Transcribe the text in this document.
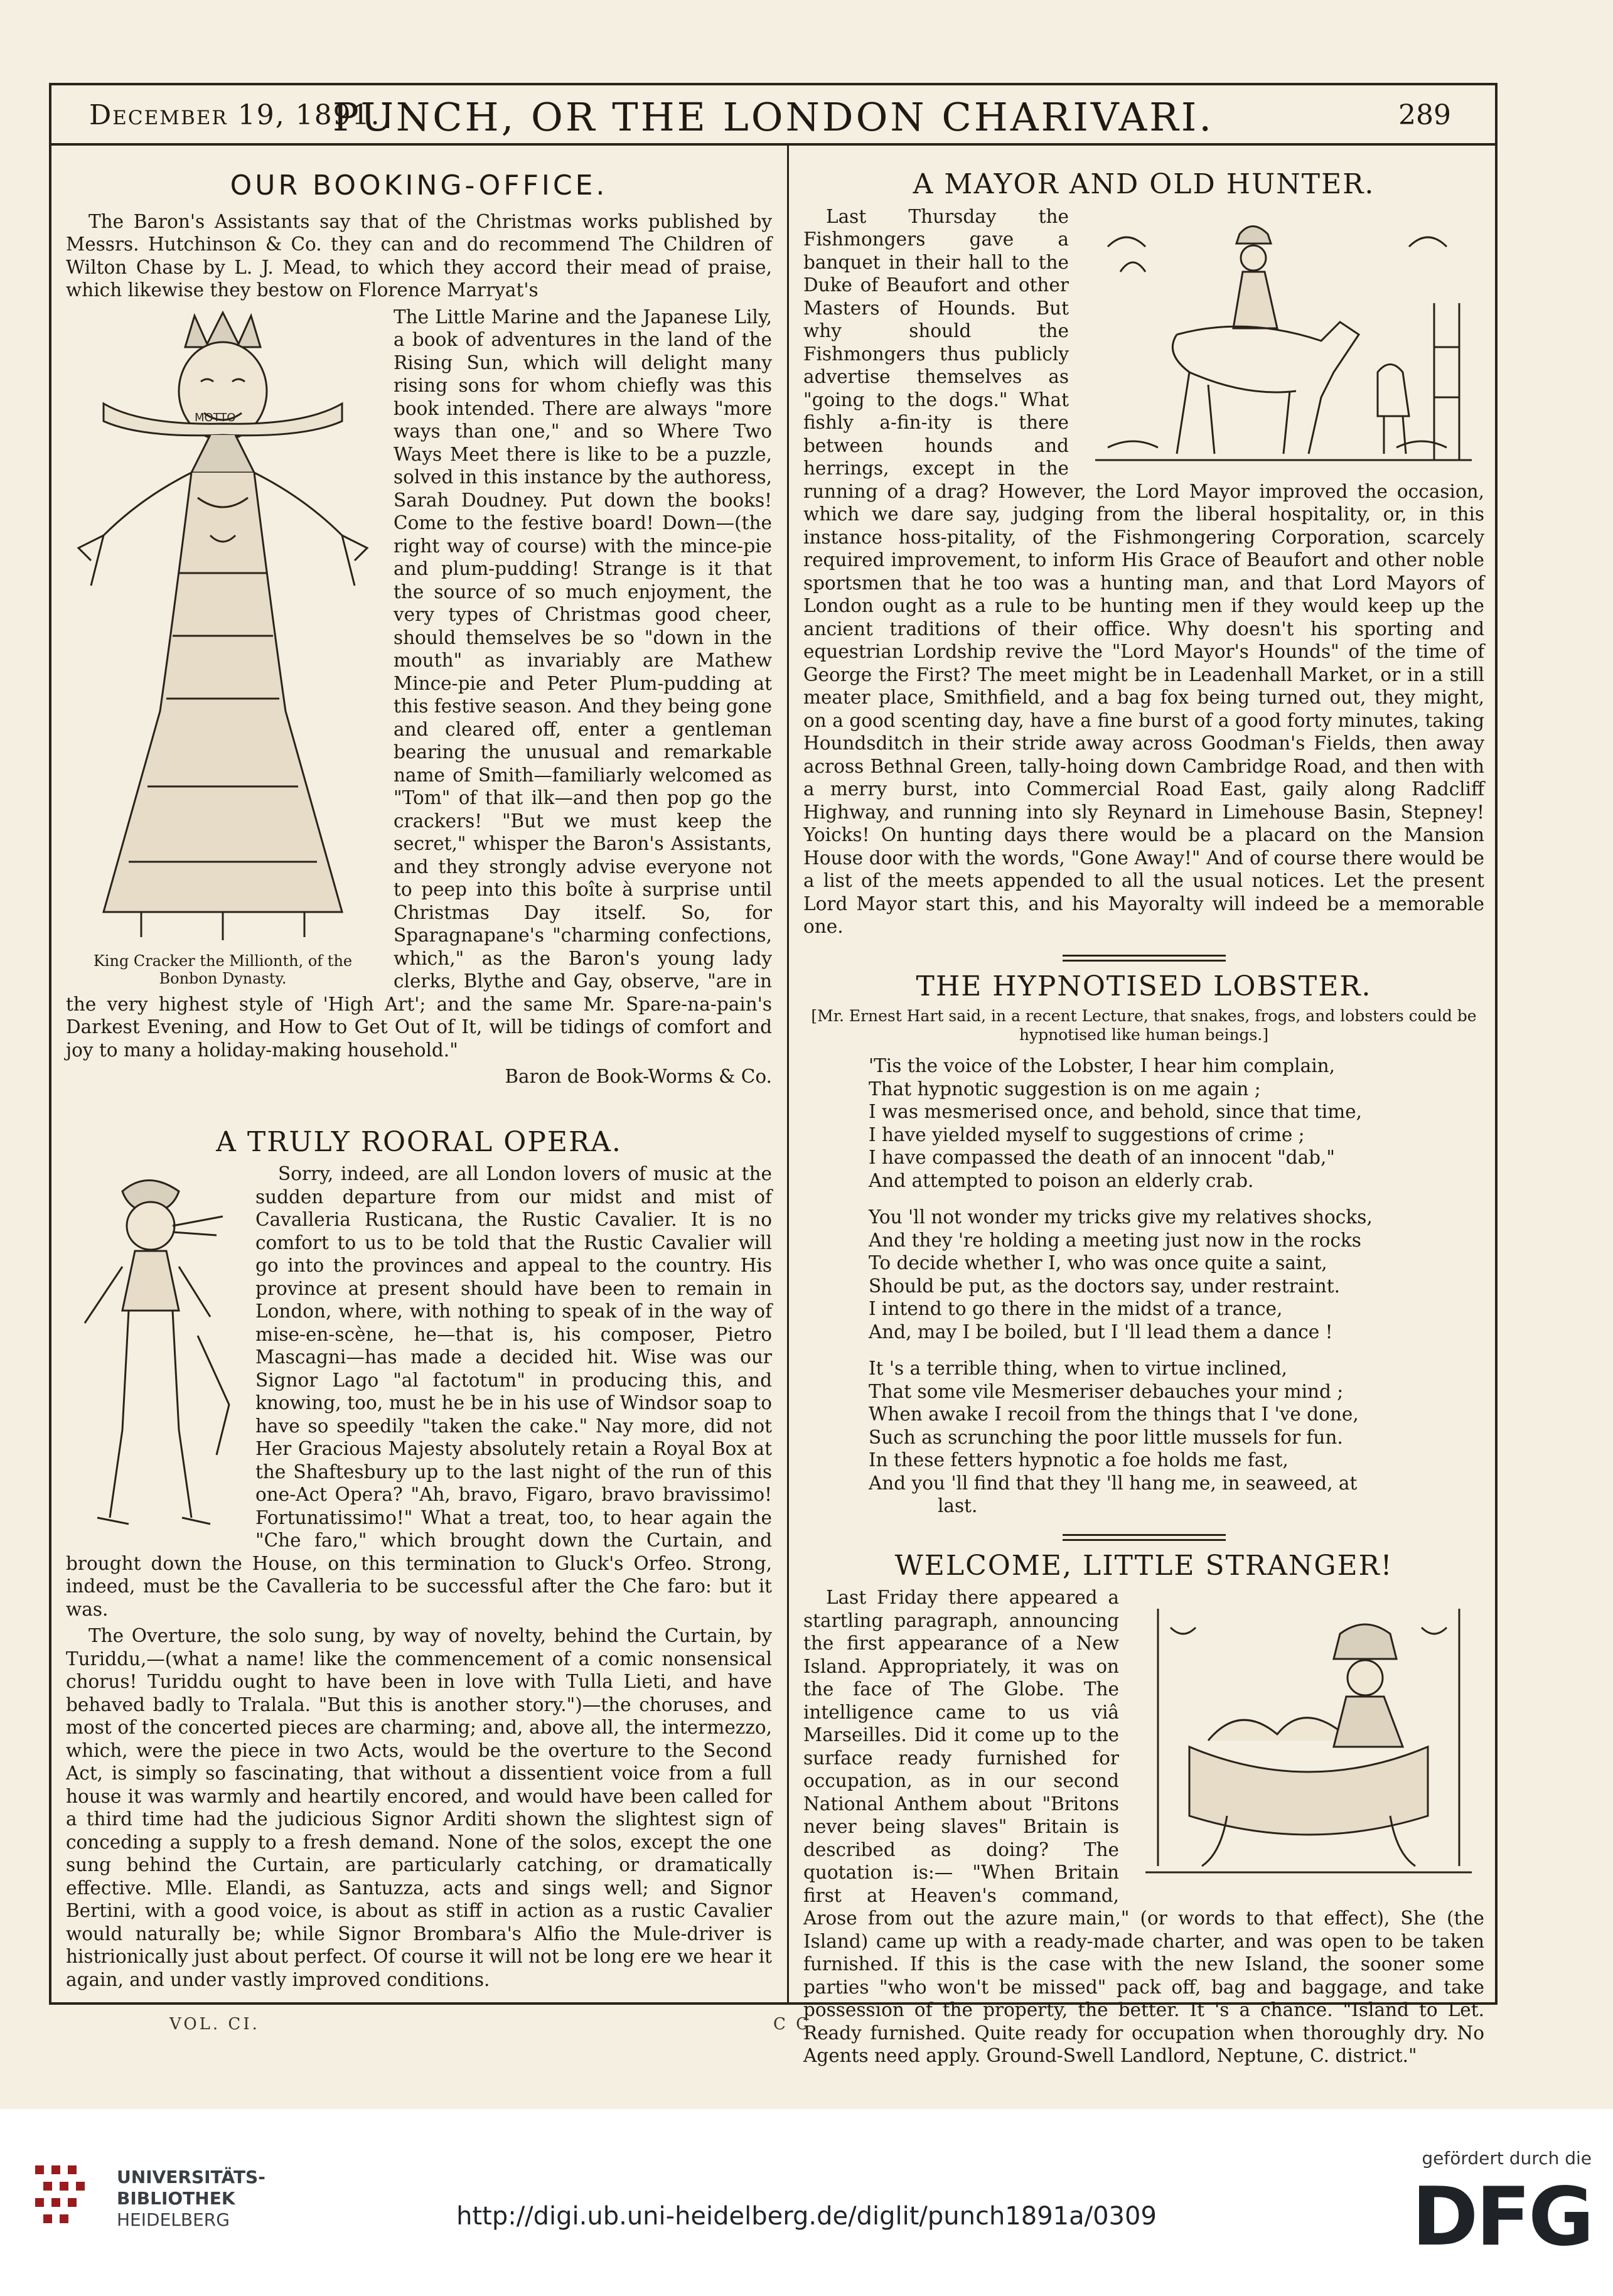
December 19, 1891.]
PUNCH, OR THE LONDON CHARIVARI.	289
OUR BOOKING-OFFICE.

The Baron's Assistants say that of the Christmas works published by Messrs. Hutchinson & Co. they can and do recommend The Children of Wilton Chase by L. J. Mead, to which they accord their mead of praise, which likewise they bestow on Florence Marryat's

MOTTO
King Cracker the Millionth, of the Bonbon Dynasty.

The Little Marine and the Japanese Lily, a book of adventures in the land of the Rising Sun, which will delight many rising sons for whom chiefly was this book intended. There are always "more ways than one," and so Where Two Ways Meet there is like to be a puzzle, solved in this instance by the authoress, Sarah Doudney. Put down the books! Come to the festive board! Down—(the right way of course) with the mince-pie and plum-pudding! Strange is it that the source of so much enjoyment, the very types of Christmas good cheer, should themselves be so "down in the mouth" as invariably are Mathew Mince-pie and Peter Plum-pudding at this festive season. And they being gone and cleared off, enter a gentleman bearing the unusual and remarkable name of Smith—familiarly welcomed as "Tom" of that ilk—and then pop go the crackers! "But we must keep the secret," whisper the Baron's Assistants, and they strongly advise everyone not to peep into this boîte à surprise until Christmas Day itself. So, for Sparagnapane's "charming confections, which," as the Baron's young lady clerks, Blythe and Gay, observe, "are in the very highest style of 'High Art'; and the same Mr. Spare-na-pain's Darkest Evening, and How to Get Out of It, will be tidings of comfort and joy to many a holiday-making household."

Baron de Book-Worms & Co.

A TRULY ROORAL OPERA.

Sorry, indeed, are all London lovers of music at the sudden departure from our midst and mist of Cavalleria Rusticana, the Rustic Cavalier. It is no comfort to us to be told that the Rustic Cavalier will go into the provinces and appeal to the country. His province at present should have been to remain in London, where, with nothing to speak of in the way of mise-en-scène, he—that is, his composer, Pietro Mascagni—has made a decided hit. Wise was our Signor Lago "al factotum" in producing this, and knowing, too, must he be in his use of Windsor soap to have so speedily "taken the cake." Nay more, did not Her Gracious Majesty absolutely retain a Royal Box at the Shaftesbury up to the last night of the run of this one-Act Opera? "Ah, bravo, Figaro, bravo bravissimo! Fortunatissimo!" What a treat, too, to hear again the "Che faro," which brought down the Curtain, and brought down the House, on this termination to Gluck's Orfeo. Strong, indeed, must be the Cavalleria to be successful after the Che faro: but it was.

The Overture, the solo sung, by way of novelty, behind the Curtain, by Turiddu,—(what a name! like the commencement of a comic nonsensical chorus! Turiddu ought to have been in love with Tulla Lieti, and have behaved badly to Tralala. "But this is another story.")—the choruses, and most of the concerted pieces are charming; and, above all, the intermezzo, which, were the piece in two Acts, would be the overture to the Second Act, is simply so fascinating, that without a dissentient voice from a full house it was warmly and heartily encored, and would have been called for a third time had the judicious Signor Arditi shown the slightest sign of conceding a supply to a fresh demand. None of the solos, except the one sung behind the Curtain, are particularly catching, or dramatically effective. Mlle. Elandi, as Santuzza, acts and sings well; and Signor Bertini, with a good voice, is about as stiff in action as a rustic Cavalier would naturally be; while Signor Brombara's Alfio the Mule-driver is histrionically just about perfect. Of course it will not be long ere we hear it again, and under vastly improved conditions.

A MAYOR AND OLD HUNTER.

Last Thursday the Fishmongers gave a banquet in their hall to the Duke of Beaufort and other Masters of Hounds. But why should the Fishmongers thus publicly advertise themselves as "going to the dogs." What fishly a-fin-ity is there between hounds and herrings, except in the running of a drag? However, the Lord Mayor improved the occasion, which we dare say, judging from the liberal hospitality, or, in this instance hoss-pitality, of the Fishmongering Corporation, scarcely required improvement, to inform His Grace of Beaufort and other noble sportsmen that he too was a hunting man, and that Lord Mayors of London ought as a rule to be hunting men if they would keep up the ancient traditions of their office. Why doesn't his sporting and equestrian Lordship revive the "Lord Mayor's Hounds" of the time of George the First? The meet might be in Leadenhall Market, or in a still meater place, Smithfield, and a bag fox being turned out, they might, on a good scenting day, have a fine burst of a good forty minutes, taking Houndsditch in their stride away across Goodman's Fields, then away across Bethnal Green, tally-hoing down Cambridge Road, and then with a merry burst, into Commercial Road East, gaily along Radcliff Highway, and running into sly Reynard in Limehouse Basin, Stepney! Yoicks! On hunting days there would be a placard on the Mansion House door with the words, "Gone Away!" And of course there would be a list of the meets appended to all the usual notices. Let the present Lord Mayor start this, and his Mayoralty will indeed be a memorable one.

THE HYPNOTISED LOBSTER.
[Mr. Ernest Hart said, in a recent Lecture, that snakes, frogs, and lobsters could be hypnotised like human beings.]
'Tis the voice of the Lobster, I hear him complain,
That hypnotic suggestion is on me again ;
I was mesmerised once, and behold, since that time,
I have yielded myself to suggestions of crime ;
I have compassed the death of an innocent "dab,"
And attempted to poison an elderly crab.
You 'll not wonder my tricks give my relatives shocks,
And they 're holding a meeting just now in the rocks
To decide whether I, who was once quite a saint,
Should be put, as the doctors say, under restraint.
I intend to go there in the midst of a trance,
And, may I be boiled, but I 'll lead them a dance !
It 's a terrible thing, when to virtue inclined,
That some vile Mesmeriser debauches your mind ;
When awake I recoil from the things that I 've done,
Such as scrunching the poor little mussels for fun.
In these fetters hypnotic a foe holds me fast,
And you 'll find that they 'll hang me, in seaweed, at
last.
WELCOME, LITTLE STRANGER!

Last Friday there appeared a startling paragraph, announcing the first appearance of a New Island. Appropriately, it was on the face of The Globe. The intelligence came to us viâ Marseilles. Did it come up to the surface ready furnished for occupation, as in our second National Anthem about "Britons never being slaves" Britain is described as doing? The quotation is:— "When Britain first at Heaven's command, Arose from out the azure main," (or words to that effect), She (the Island) came up with a ready-made charter, and was open to be taken furnished. If this is the case with the new Island, the sooner some parties "who won't be missed" pack off, bag and baggage, and take possession of the property, the better. It 's a chance. "Island to Let. Ready furnished. Quite ready for occupation when thoroughly dry. No Agents need apply. Ground-Swell Landlord, Neptune, C. district."

VOL. CI.	C C
UNIVERSITÄTS-
BIBLIOTHEK
HEIDELBERG	http://digi.ub.uni-heidelberg.de/diglit/punch1891a/0309
gefördert durch die
DFG
